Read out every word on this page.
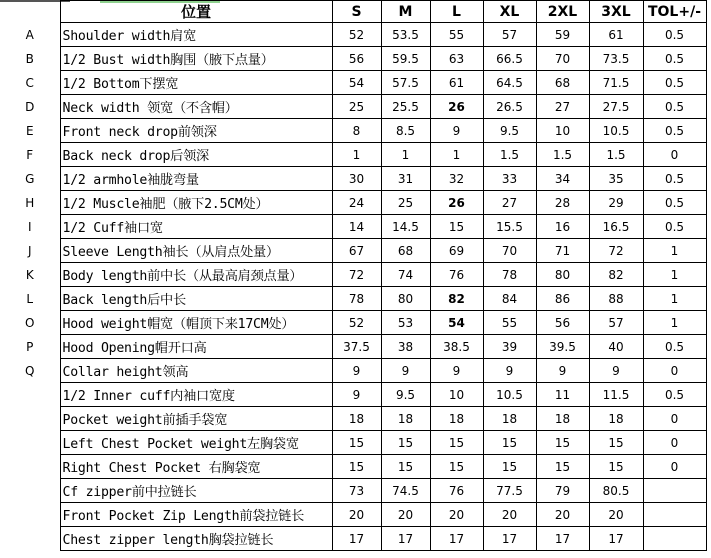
	位置	S	M	L	XL	2XL	3XL	TOL+/-
A	Shoulder width肩宽	52	53.5	55	57	59	61	0.5
B	1/2 Bust width胸围（腋下点量）	56	59.5	63	66.5	70	73.5	0.5
C	1/2 Bottom下摆宽	54	57.5	61	64.5	68	71.5	0.5
D	Neck width 领宽（不含帽）	25	25.5	26	26.5	27	27.5	0.5
E	Front neck drop前领深	8	8.5	9	9.5	10	10.5	0.5
F	Back neck drop后领深	1	1	1	1.5	1.5	1.5	0
G	1/2 armhole袖胧弯量	30	31	32	33	34	35	0.5
H	1/2 Muscle袖肥（腋下2.5CM处）	24	25	26	27	28	29	0.5
I	1/2 Cuff袖口宽	14	14.5	15	15.5	16	16.5	0.5
J	Sleeve Length袖长（从肩点处量）	67	68	69	70	71	72	1
K	Body length前中长（从最高肩颈点量）	72	74	76	78	80	82	1
L	Back length后中长	78	80	82	84	86	88	1
O	Hood weight帽宽（帽顶下来17CM处）	52	53	54	55	56	57	1
P	Hood Opening帽开口高	37.5	38	38.5	39	39.5	40	0.5
Q	Collar height领高	9	9	9	9	9	9	0
	1/2 Inner cuff内袖口宽度	9	9.5	10	10.5	11	11.5	0.5
	Pocket weight前插手袋宽	18	18	18	18	18	18	0
	Left Chest Pocket weight左胸袋宽	15	15	15	15	15	15	0
	Right Chest Pocket 右胸袋宽	15	15	15	15	15	15	0
	Cf zipper前中拉链长	73	74.5	76	77.5	79	80.5	
	Front Pocket Zip Length前袋拉链长	20	20	20	20	20	20	
	Chest zipper length胸袋拉链长	17	17	17	17	17	17	
